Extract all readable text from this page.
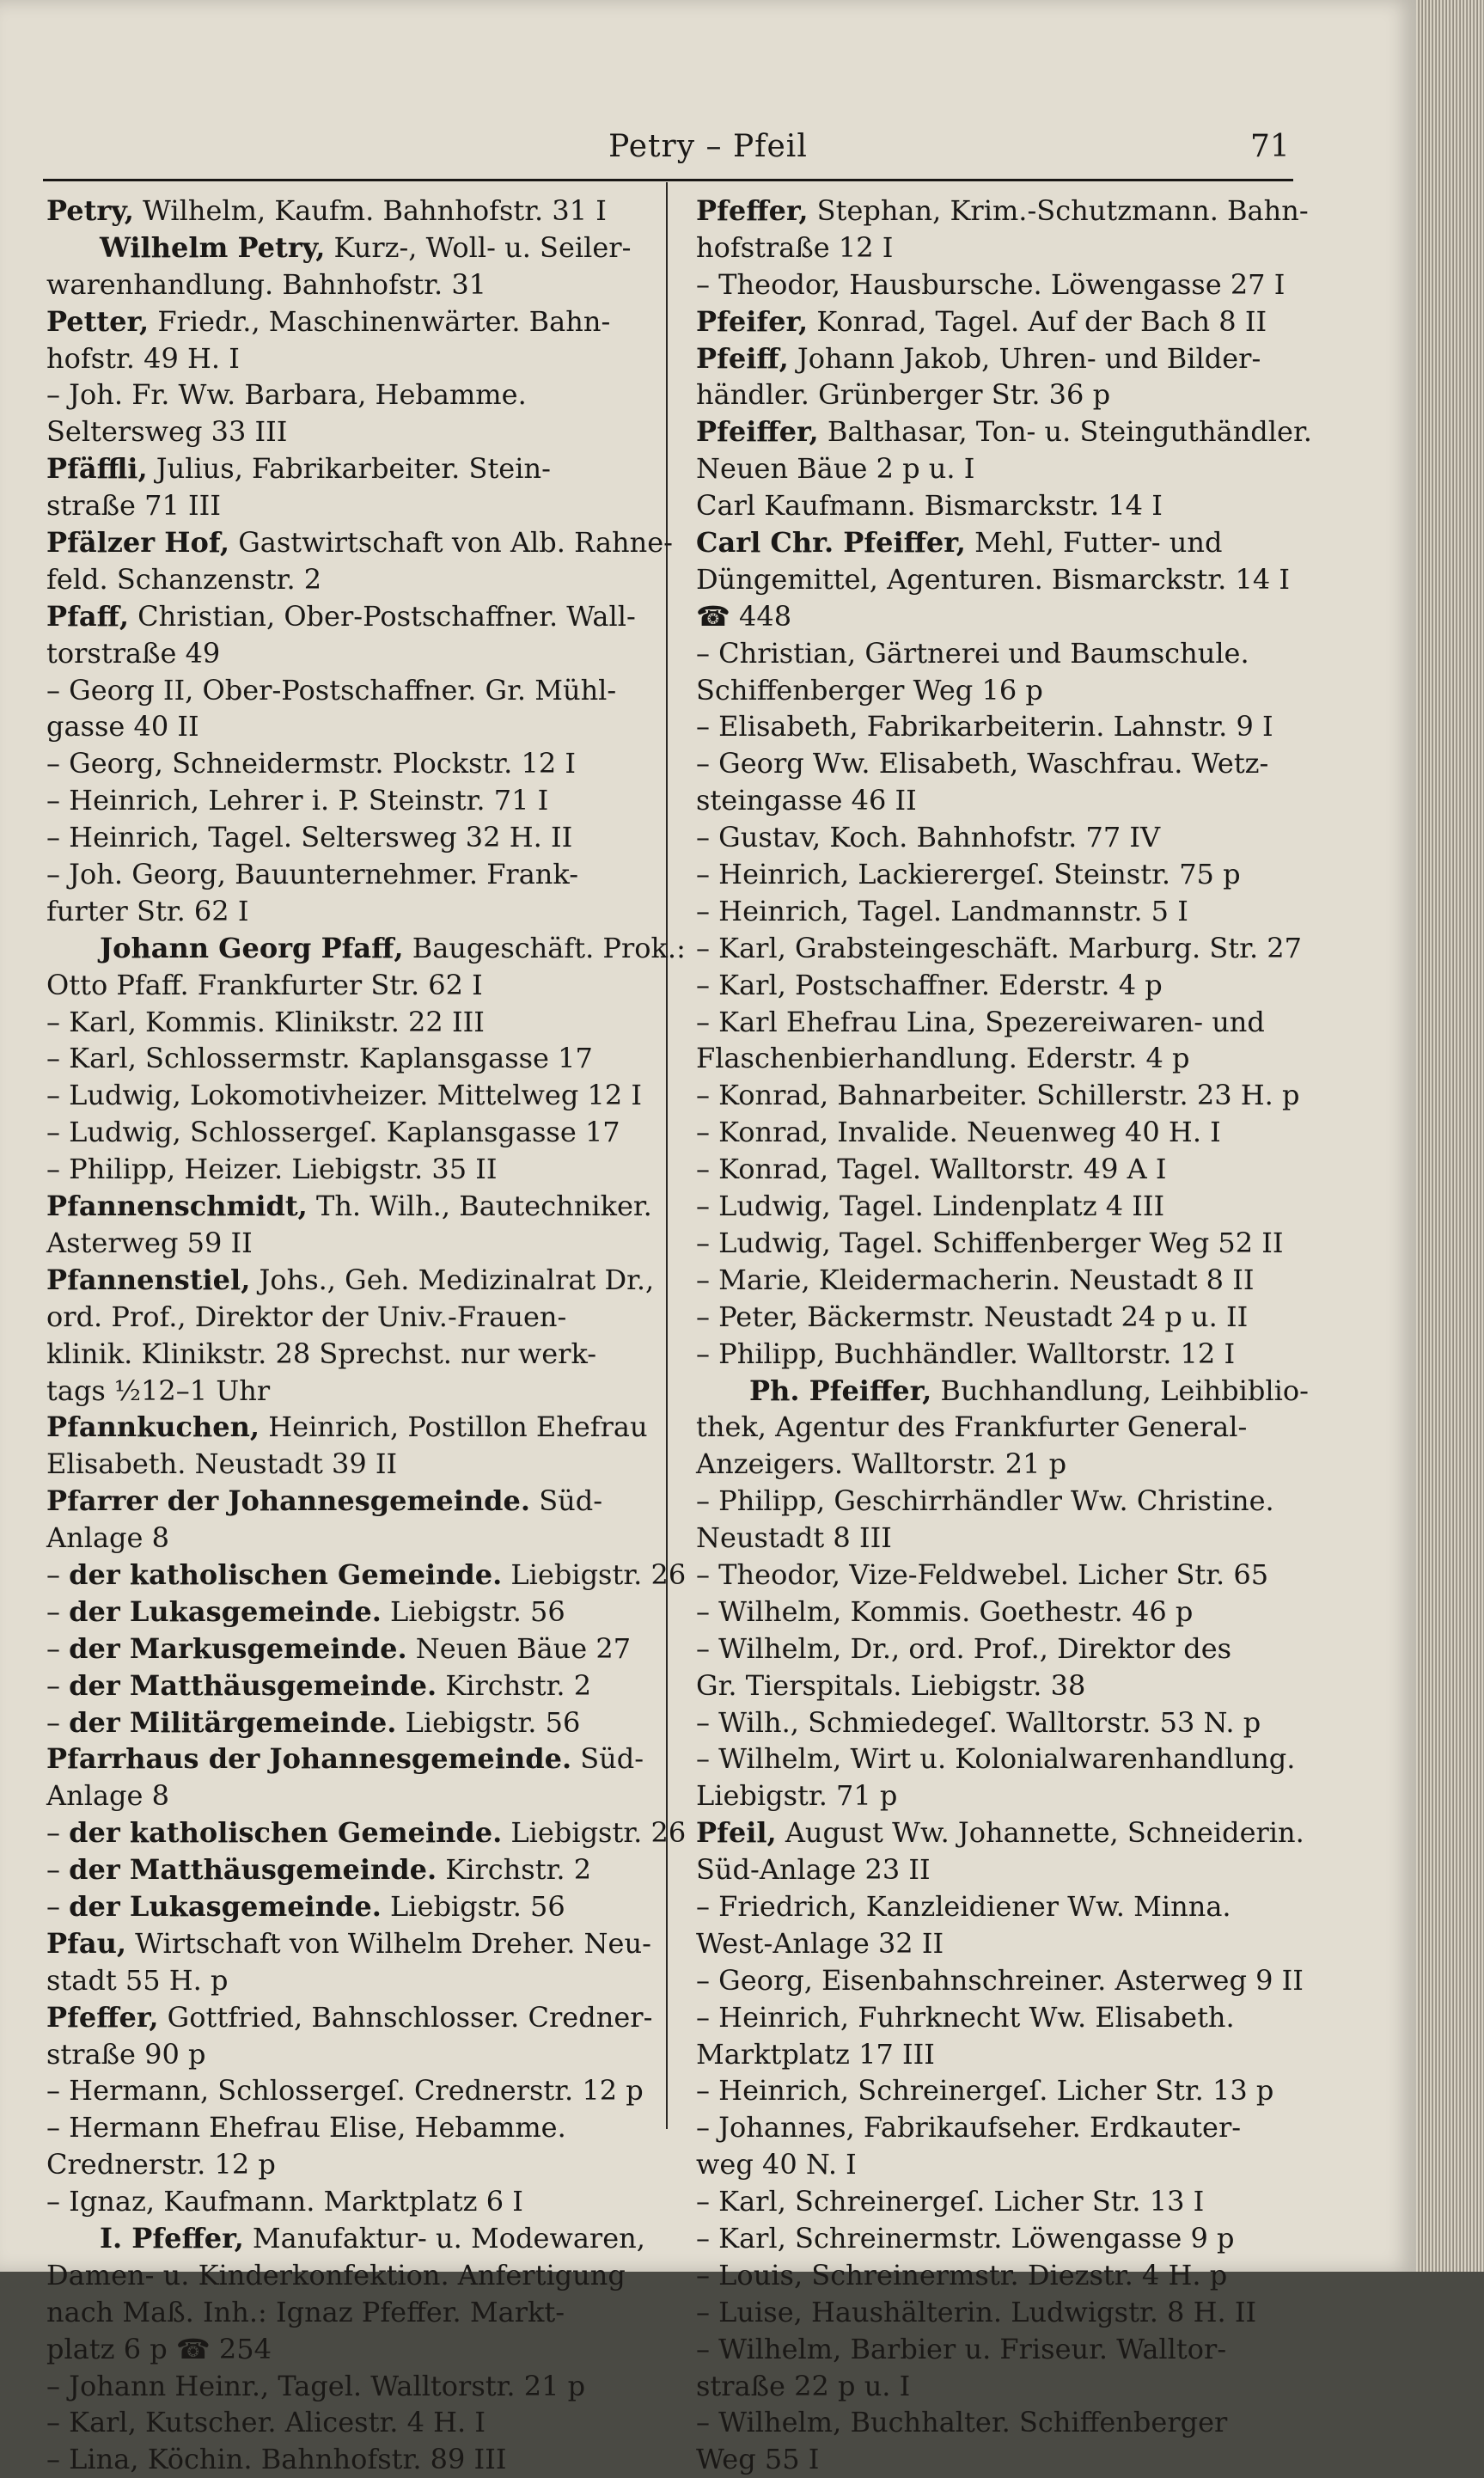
Petry – Pfeil	71
Petry, Wilhelm, Kaufm. Bahnhofstr. 31 I
Wilhelm Petry, Kurz-, Woll- u. Seiler-
warenhandlung. Bahnhofstr. 31
Petter, Friedr., Maschinenwärter. Bahn-
hofstr. 49 H. I
– Joh. Fr. Ww. Barbara, Hebamme.
Seltersweg 33 III
Pfäffli, Julius, Fabrikarbeiter. Stein-
straße 71 III
Pfälzer Hof, Gastwirtschaft von Alb. Rahne-
feld. Schanzenstr. 2
Pfaff, Christian, Ober-Postschaffner. Wall-
torstraße 49
– Georg II, Ober-Postschaffner. Gr. Mühl-
gasse 40 II
– Georg, Schneidermstr. Plockstr. 12 I
– Heinrich, Lehrer i. P. Steinstr. 71 I
– Heinrich, Tagel. Seltersweg 32 H. II
– Joh. Georg, Bauunternehmer. Frank-
furter Str. 62 I
Johann Georg Pfaff, Baugeschäft. Prok.:
Otto Pfaff. Frankfurter Str. 62 I
– Karl, Kommis. Klinikstr. 22 III
– Karl, Schlossermstr. Kaplansgasse 17
– Ludwig, Lokomotivheizer. Mittelweg 12 I
– Ludwig, Schlossergeſ. Kaplansgasse 17
– Philipp, Heizer. Liebigstr. 35 II
Pfannenschmidt, Th. Wilh., Bautechniker.
Asterweg 59 II
Pfannenstiel, Johs., Geh. Medizinalrat Dr.,
ord. Prof., Direktor der Univ.-Frauen-
klinik. Klinikstr. 28 Sprechst. nur werk-
tags ½12–1 Uhr
Pfannkuchen, Heinrich, Postillon Ehefrau
Elisabeth. Neustadt 39 II
Pfarrer der Johannesgemeinde. Süd-
Anlage 8
– der katholischen Gemeinde. Liebigstr. 26
– der Lukasgemeinde. Liebigstr. 56
– der Markusgemeinde. Neuen Bäue 27
– der Matthäusgemeinde. Kirchstr. 2
– der Militärgemeinde. Liebigstr. 56
Pfarrhaus der Johannesgemeinde. Süd-
Anlage 8
– der katholischen Gemeinde. Liebigstr. 26
– der Matthäusgemeinde. Kirchstr. 2
– der Lukasgemeinde. Liebigstr. 56
Pfau, Wirtschaft von Wilhelm Dreher. Neu-
stadt 55 H. p
Pfeffer, Gottfried, Bahnschlosser. Credner-
straße 90 p
– Hermann, Schlossergeſ. Crednerstr. 12 p
– Hermann Ehefrau Elise, Hebamme.
Crednerstr. 12 p
– Ignaz, Kaufmann. Marktplatz 6 I
I. Pfeffer, Manufaktur- u. Modewaren,
Damen- u. Kinderkonfektion. Anfertigung
nach Maß. Inh.: Ignaz Pfeffer. Markt-
platz 6 p ☎ 254
– Johann Heinr., Tagel. Walltorstr. 21 p
– Karl, Kutscher. Alicestr. 4 H. I
– Lina, Köchin. Bahnhofstr. 89 III
Pfeffer, Stephan, Krim.-Schutzmann. Bahn-
hofstraße 12 I
– Theodor, Hausbursche. Löwengasse 27 I
Pfeifer, Konrad, Tagel. Auf der Bach 8 II
Pfeiff, Johann Jakob, Uhren- und Bilder-
händler. Grünberger Str. 36 p
Pfeiffer, Balthasar, Ton- u. Steinguthändler.
Neuen Bäue 2 p u. I
Carl Kaufmann. Bismarckstr. 14 I
Carl Chr. Pfeiffer, Mehl, Futter- und
Düngemittel, Agenturen. Bismarckstr. 14 I
☎ 448
– Christian, Gärtnerei und Baumschule.
Schiffenberger Weg 16 p
– Elisabeth, Fabrikarbeiterin. Lahnstr. 9 I
– Georg Ww. Elisabeth, Waschfrau. Wetz-
steingasse 46 II
– Gustav, Koch. Bahnhofstr. 77 IV
– Heinrich, Lackierergeſ. Steinstr. 75 p
– Heinrich, Tagel. Landmannstr. 5 I
– Karl, Grabsteingeschäft. Marburg. Str. 27
– Karl, Postschaffner. Ederstr. 4 p
– Karl Ehefrau Lina, Spezereiwaren- und
Flaschenbierhandlung. Ederstr. 4 p
– Konrad, Bahnarbeiter. Schillerstr. 23 H. p
– Konrad, Invalide. Neuenweg 40 H. I
– Konrad, Tagel. Walltorstr. 49 A I
– Ludwig, Tagel. Lindenplatz 4 III
– Ludwig, Tagel. Schiffenberger Weg 52 II
– Marie, Kleidermacherin. Neustadt 8 II
– Peter, Bäckermstr. Neustadt 24 p u. II
– Philipp, Buchhändler. Walltorstr. 12 I
Ph. Pfeiffer, Buchhandlung, Leihbiblio-
thek, Agentur des Frankfurter General-
Anzeigers. Walltorstr. 21 p
– Philipp, Geschirrhändler Ww. Christine.
Neustadt 8 III
– Theodor, Vize-Feldwebel. Licher Str. 65
– Wilhelm, Kommis. Goethestr. 46 p
– Wilhelm, Dr., ord. Prof., Direktor des
Gr. Tierspitals. Liebigstr. 38
– Wilh., Schmiedegeſ. Walltorstr. 53 N. p
– Wilhelm, Wirt u. Kolonialwarenhandlung.
Liebigstr. 71 p
Pfeil, August Ww. Johannette, Schneiderin.
Süd-Anlage 23 II
– Friedrich, Kanzleidiener Ww. Minna.
West-Anlage 32 II
– Georg, Eisenbahnschreiner. Asterweg 9 II
– Heinrich, Fuhrknecht Ww. Elisabeth.
Marktplatz 17 III
– Heinrich, Schreinergeſ. Licher Str. 13 p
– Johannes, Fabrikaufseher. Erdkauter-
weg 40 N. I
– Karl, Schreinergeſ. Licher Str. 13 I
– Karl, Schreinermstr. Löwengasse 9 p
– Louis, Schreinermstr. Diezstr. 4 H. p
– Luise, Haushälterin. Ludwigstr. 8 H. II
– Wilhelm, Barbier u. Friseur. Walltor-
straße 22 p u. I
– Wilhelm, Buchhalter. Schiffenberger
Weg 55 I
